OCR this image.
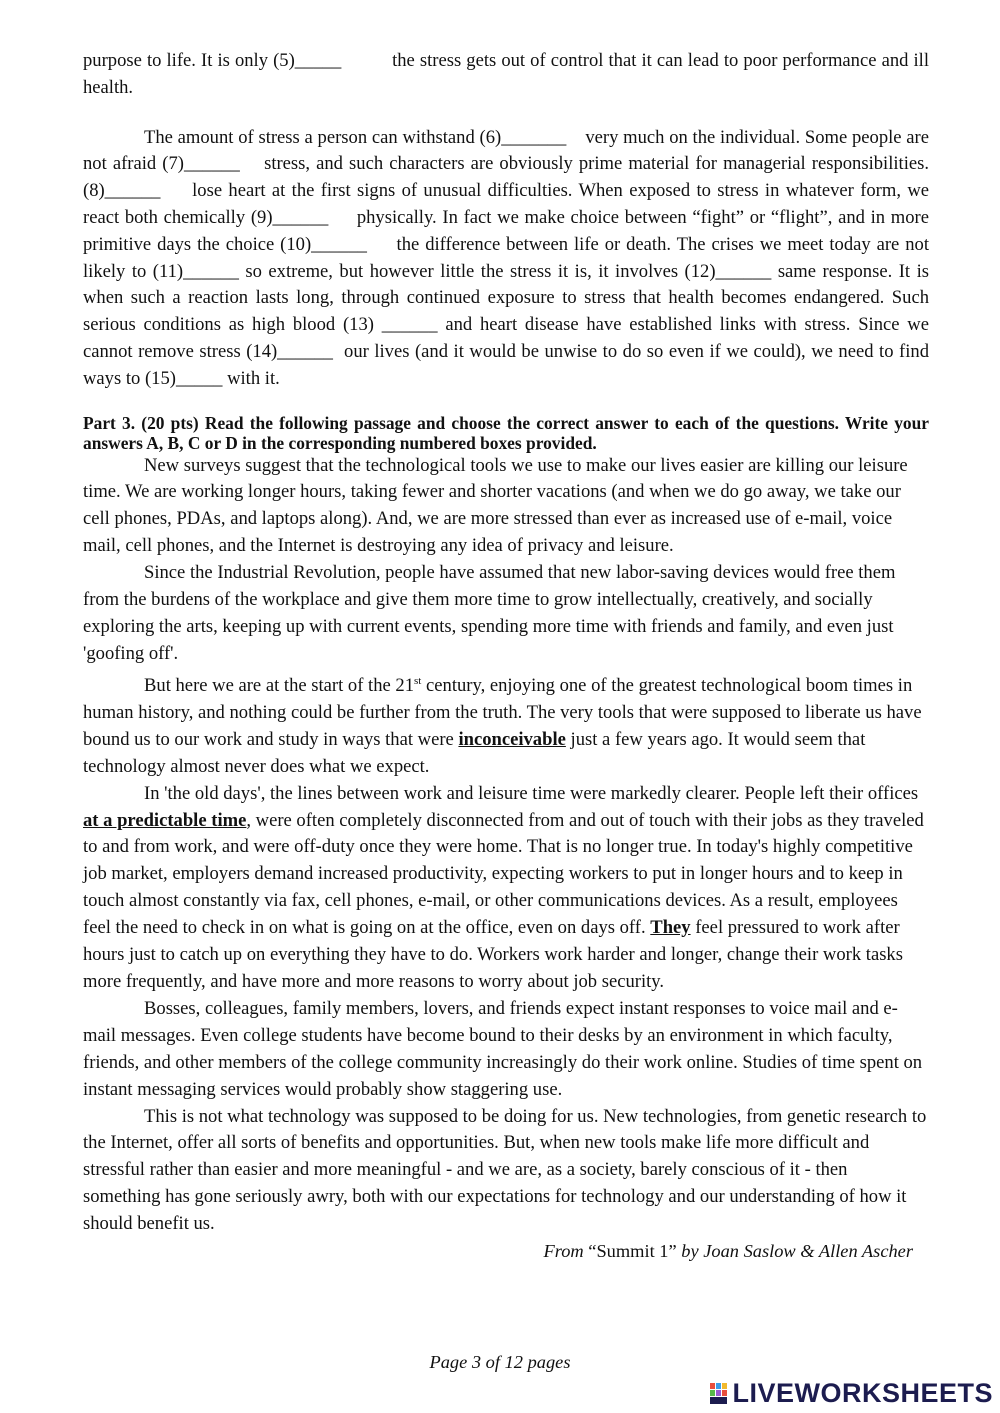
purpose to life. It is only (5)_____          the stress gets out of control that it can lead to poor performance and ill health.

The amount of stress a person can withstand (6)_______    very much on the individual. Some people are not afraid (7)______    stress, and such characters are obviously prime material for managerial responsibilities. (8)______     lose heart at the first signs of unusual difficulties. When exposed to stress in whatever form, we react both chemically (9)______     physically. In fact we make choice between “fight” or “flight”, and in more primitive days the choice (10)______     the difference between life or death. The crises we meet today are not likely to (11)______ so extreme, but however little the stress it is, it involves (12)______ same response. It is when such a reaction lasts long, through continued exposure to stress that health becomes endangered. Such serious conditions as high blood (13) ______ and heart disease have established links with stress. Since we cannot remove stress (14)______  our lives (and it would be unwise to do so even if we could), we need to find ways to (15)_____ with it.

Part 3. (20 pts) Read the following passage and choose the correct answer to each of the questions. Write your answers A, B, C or D in the corresponding numbered boxes provided.

New surveys suggest that the technological tools we use to make our lives easier are killing our leisure time. We are working longer hours, taking fewer and shorter vacations (and when we do go away, we take our cell phones, PDAs, and laptops along). And, we are more stressed than ever as increased use of e-mail, voice mail, cell phones, and the Internet is destroying any idea of privacy and leisure.

Since the Industrial Revolution, people have assumed that new labor-saving devices would free them from the burdens of the workplace and give them more time to grow intellectually, creatively, and socially exploring the arts, keeping up with current events, spending more time with friends and family, and even just 'goofing off'.

But here we are at the start of the 21st century, enjoying one of the greatest technological boom times in human history, and nothing could be further from the truth. The very tools that were supposed to liberate us have bound us to our work and study in ways that were inconceivable just a few years ago. It would seem that technology almost never does what we expect.

In 'the old days', the lines between work and leisure time were markedly clearer. People left their offices at a predictable time, were often completely disconnected from and out of touch with their jobs as they traveled to and from work, and were off-duty once they were home. That is no longer true. In today's highly competitive job market, employers demand increased productivity, expecting workers to put in longer hours and to keep in touch almost constantly via fax, cell phones, e-mail, or other communications devices. As a result, employees feel the need to check in on what is going on at the office, even on days off. They feel pressured to work after hours just to catch up on everything they have to do. Workers work harder and longer, change their work tasks more frequently, and have more and more reasons to worry about job security.

Bosses, colleagues, family members, lovers, and friends expect instant responses to voice mail and e-mail messages. Even college students have become bound to their desks by an environment in which faculty, friends, and other members of the college community increasingly do their work online. Studies of time spent on instant messaging services would probably show staggering use.

This is not what technology was supposed to be doing for us. New technologies, from genetic research to the Internet, offer all sorts of benefits and opportunities. But, when new tools make life more difficult and stressful rather than easier and more meaningful - and we are, as a society, barely conscious of it - then something has gone seriously awry, both with our expectations for technology and our understanding of how it should benefit us.

From “Summit 1” by Joan Saslow & Allen Ascher

Page 3 of 12 pages
LIVEWORKSHEETS
